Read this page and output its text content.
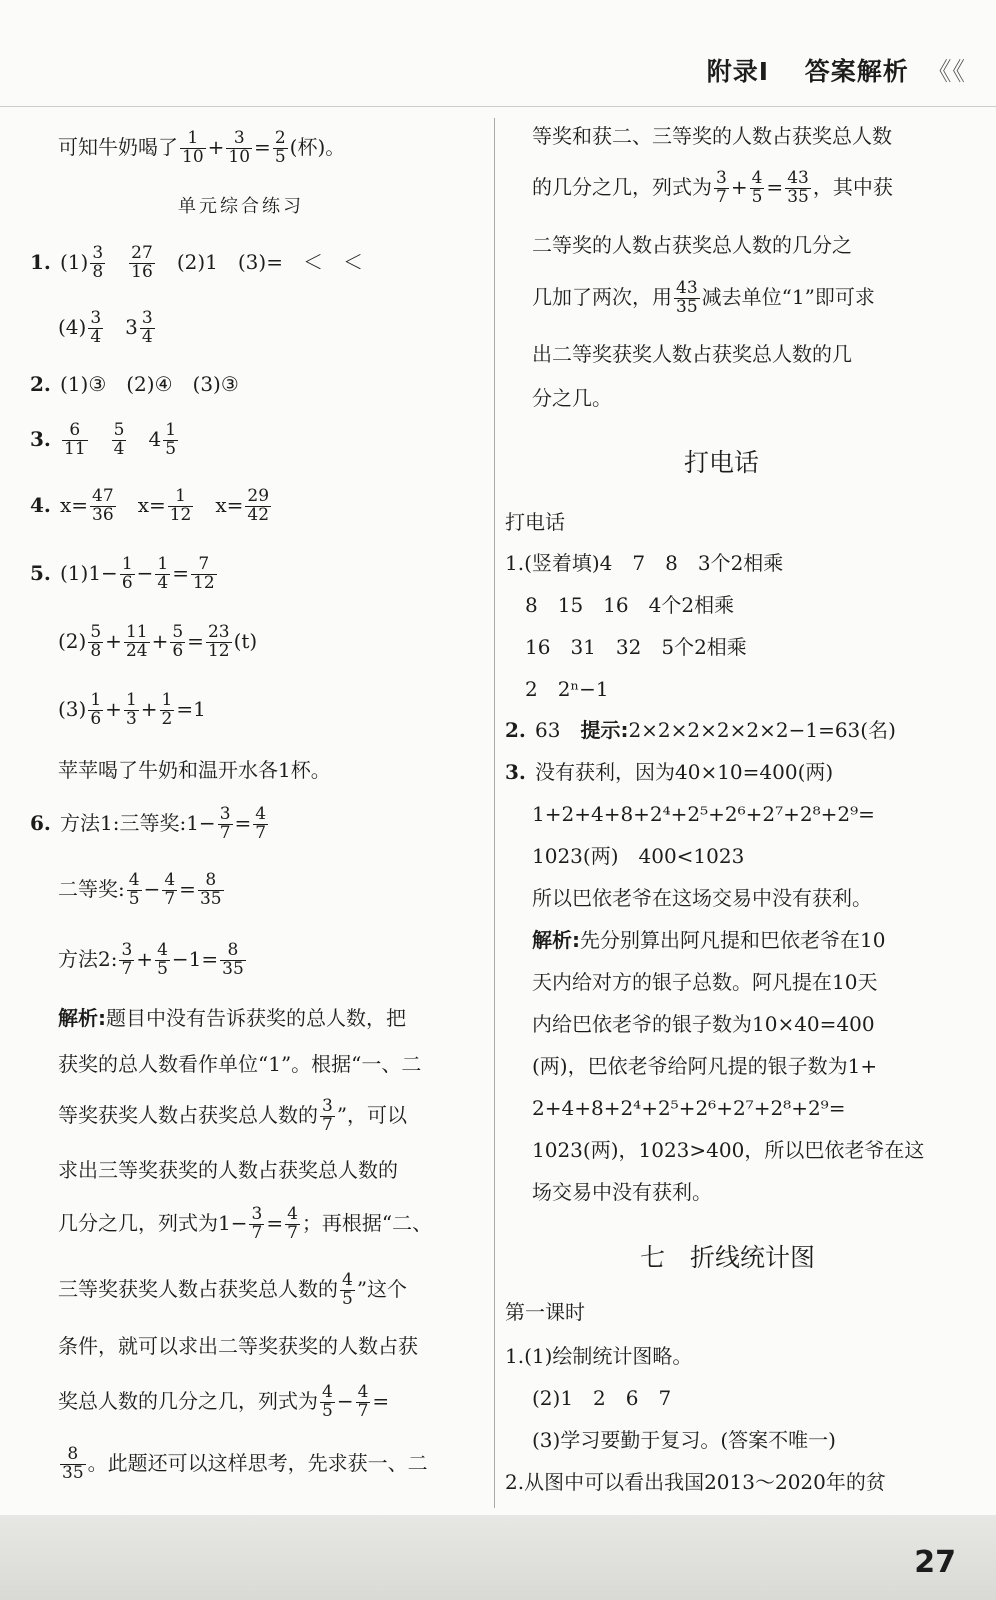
附录Ⅰ 答案解析 《《
可知牛奶喝了 $\frac{1}{10} + \frac{3}{10} = \frac{2}{5}$ (杯)。
单元综合练习
1. $(1) \frac{3}{8}$
　 $\frac{27}{16}$
　 (2)1　 (3)=　＜　＜
$(4) \frac{3}{4}$
　 $3 \frac{3}{4}$
2. (1)③　(2)④　(3)③
3. $\frac{6}{11}$
　 $\frac{5}{4}$
　 $4 \frac{1}{5}$
4. $x= \frac{47}{36}$
　 $x= \frac{1}{12}$
　 $x= \frac{29}{42}$
5. $(1)1- \frac{1}{6} - \frac{1}{4} = \frac{7}{12}$
$(2) \frac{5}{8} + \frac{11}{24} + \frac{5}{6} = \frac{23}{12} (t)$
$(3) \frac{1}{6} + \frac{1}{3} + \frac{1}{2} =1$
苹苹喝了牛奶和温开水各1杯。
6. 方法1:三等奖:1− $\frac{3}{7} = \frac{4}{7}$
二等奖: $\frac{4}{5} - \frac{4}{7} = \frac{8}{35}$
方法2: $\frac{3}{7} + \frac{4}{5} -1= \frac{8}{35}$
解析:题目中没有告诉获奖的总人数，把
获奖的总人数看作单位“1”。根据“一、二
等奖获奖人数占获奖总人数的 $\frac{3}{7}$ ”，可以
求出三等奖获奖的人数占获奖总人数的
几分之几，列式为$1- \frac{3}{7} = \frac{4}{7}$ ；再根据“二、
三等奖获奖人数占获奖总人数的 $\frac{4}{5}$ ”这个
条件，就可以求出二等奖获奖的人数占获
奖总人数的几分之几，列式为 $\frac{4}{5} - \frac{4}{7}$ =
$\frac{8}{35}$ 。此题还可以这样思考，先求获一、二
等奖和获二、三等奖的人数占获奖总人数
的几分之几，列式为 $\frac{3}{7} + \frac{4}{5} = \frac{43}{35}$ ，其中获
二等奖的人数占获奖总人数的几分之
几加了两次，用 $\frac{43}{35}$ 减去单位“1”即可求
出二等奖获奖人数占获奖总人数的几
分之几。
打电话
打电话
1.(竖着填)4　7　8　3个2相乘
8　15　16　4个2相乘
16　31　32　5个2相乘
2　2ⁿ−1
2. 63　提示:2×2×2×2×2×2−1=63(名)
3. 没有获利，因为40×10=400(两)
1+2+4+8+2⁴+2⁵+2⁶+2⁷+2⁸+2⁹=
1023(两)　400<1023
所以巴依老爷在这场交易中没有获利。
解析:先分别算出阿凡提和巴依老爷在10
天内给对方的银子总数。阿凡提在10天
内给巴依老爷的银子数为10×40=400
(两)，巴依老爷给阿凡提的银子数为1+
2+4+8+2⁴+2⁵+2⁶+2⁷+2⁸+2⁹=
1023(两)，1023>400，所以巴依老爷在这
场交易中没有获利。
七　折线统计图
第一课时
1.(1)绘制统计图略。
(2)1　2　6　7
(3)学习要勤于复习。(答案不唯一)
2.从图中可以看出我国2013～2020年的贫
27
